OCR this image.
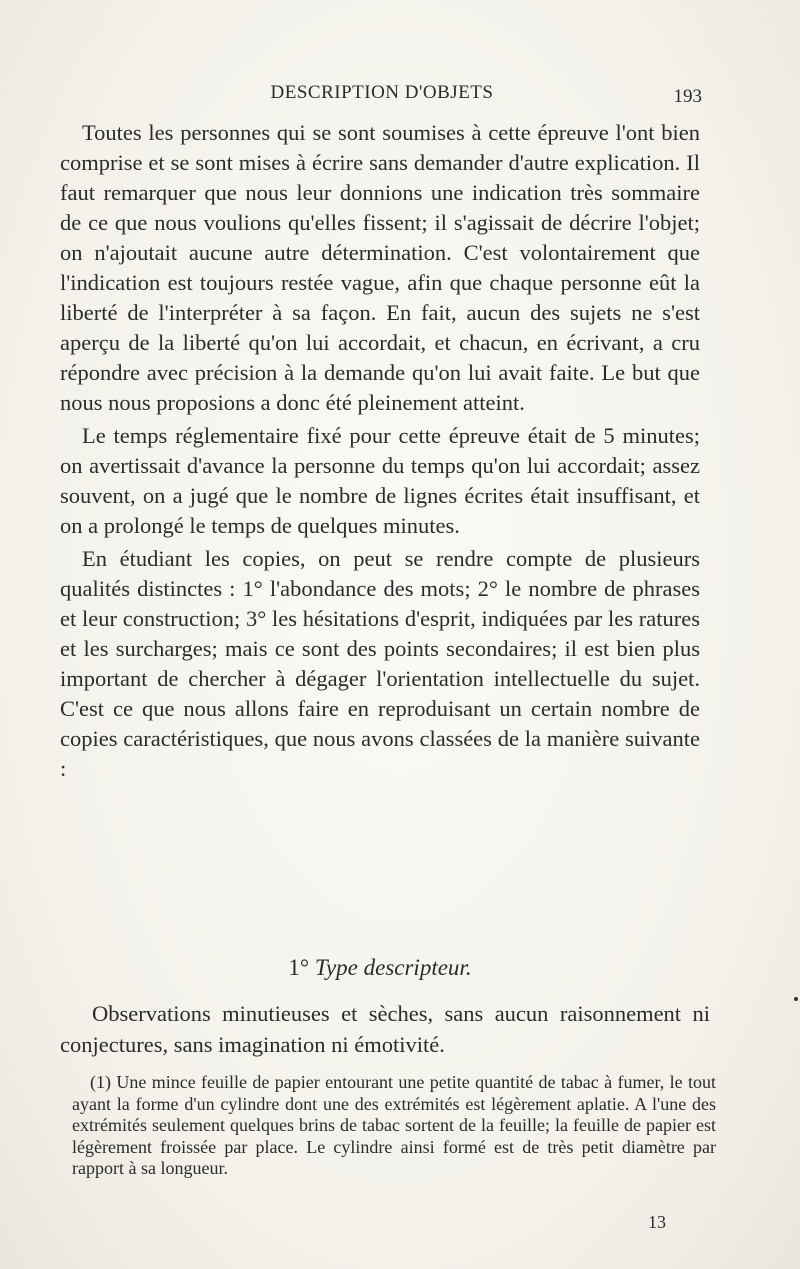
DESCRIPTION D'OBJETS	193

Toutes les personnes qui se sont soumises à cette épreuve l'ont bien comprise et se sont mises à écrire sans demander d'autre explication. Il faut remarquer que nous leur donnions une indication très sommaire de ce que nous voulions qu'elles fissent; il s'agissait de décrire l'objet; on n'ajoutait aucune autre détermination. C'est volontairement que l'indication est toujours restée vague, afin que chaque personne eût la liberté de l'interpréter à sa façon. En fait, aucun des sujets ne s'est aperçu de la liberté qu'on lui accordait, et chacun, en écrivant, a cru répondre avec précision à la demande qu'on lui avait faite. Le but que nous nous proposions a donc été pleinement atteint.

Le temps réglementaire fixé pour cette épreuve était de 5 minutes; on avertissait d'avance la personne du temps qu'on lui accordait; assez souvent, on a jugé que le nombre de lignes écrites était insuffisant, et on a prolongé le temps de quelques minutes.

En étudiant les copies, on peut se rendre compte de plusieurs qualités distinctes : 1° l'abondance des mots; 2° le nombre de phrases et leur construction; 3° les hésitations d'esprit, indiquées par les ratures et les surcharges; mais ce sont des points secondaires; il est bien plus important de chercher à dégager l'orientation intellectuelle du sujet. C'est ce que nous allons faire en reproduisant un certain nombre de copies caractéristiques, que nous avons classées de la manière suivante :

1° Type descripteur.

Observations minutieuses et sèches, sans aucun raisonnement ni conjectures, sans imagination ni émotivité.

(1) Une mince feuille de papier entourant une petite quantité de tabac à fumer, le tout ayant la forme d'un cylindre dont une des extrémités est légèrement aplatie. A l'une des extrémités seulement quelques brins de tabac sortent de la feuille; la feuille de papier est légèrement froissée par place. Le cylindre ainsi formé est de très petit diamètre par rapport à sa longueur.

13
